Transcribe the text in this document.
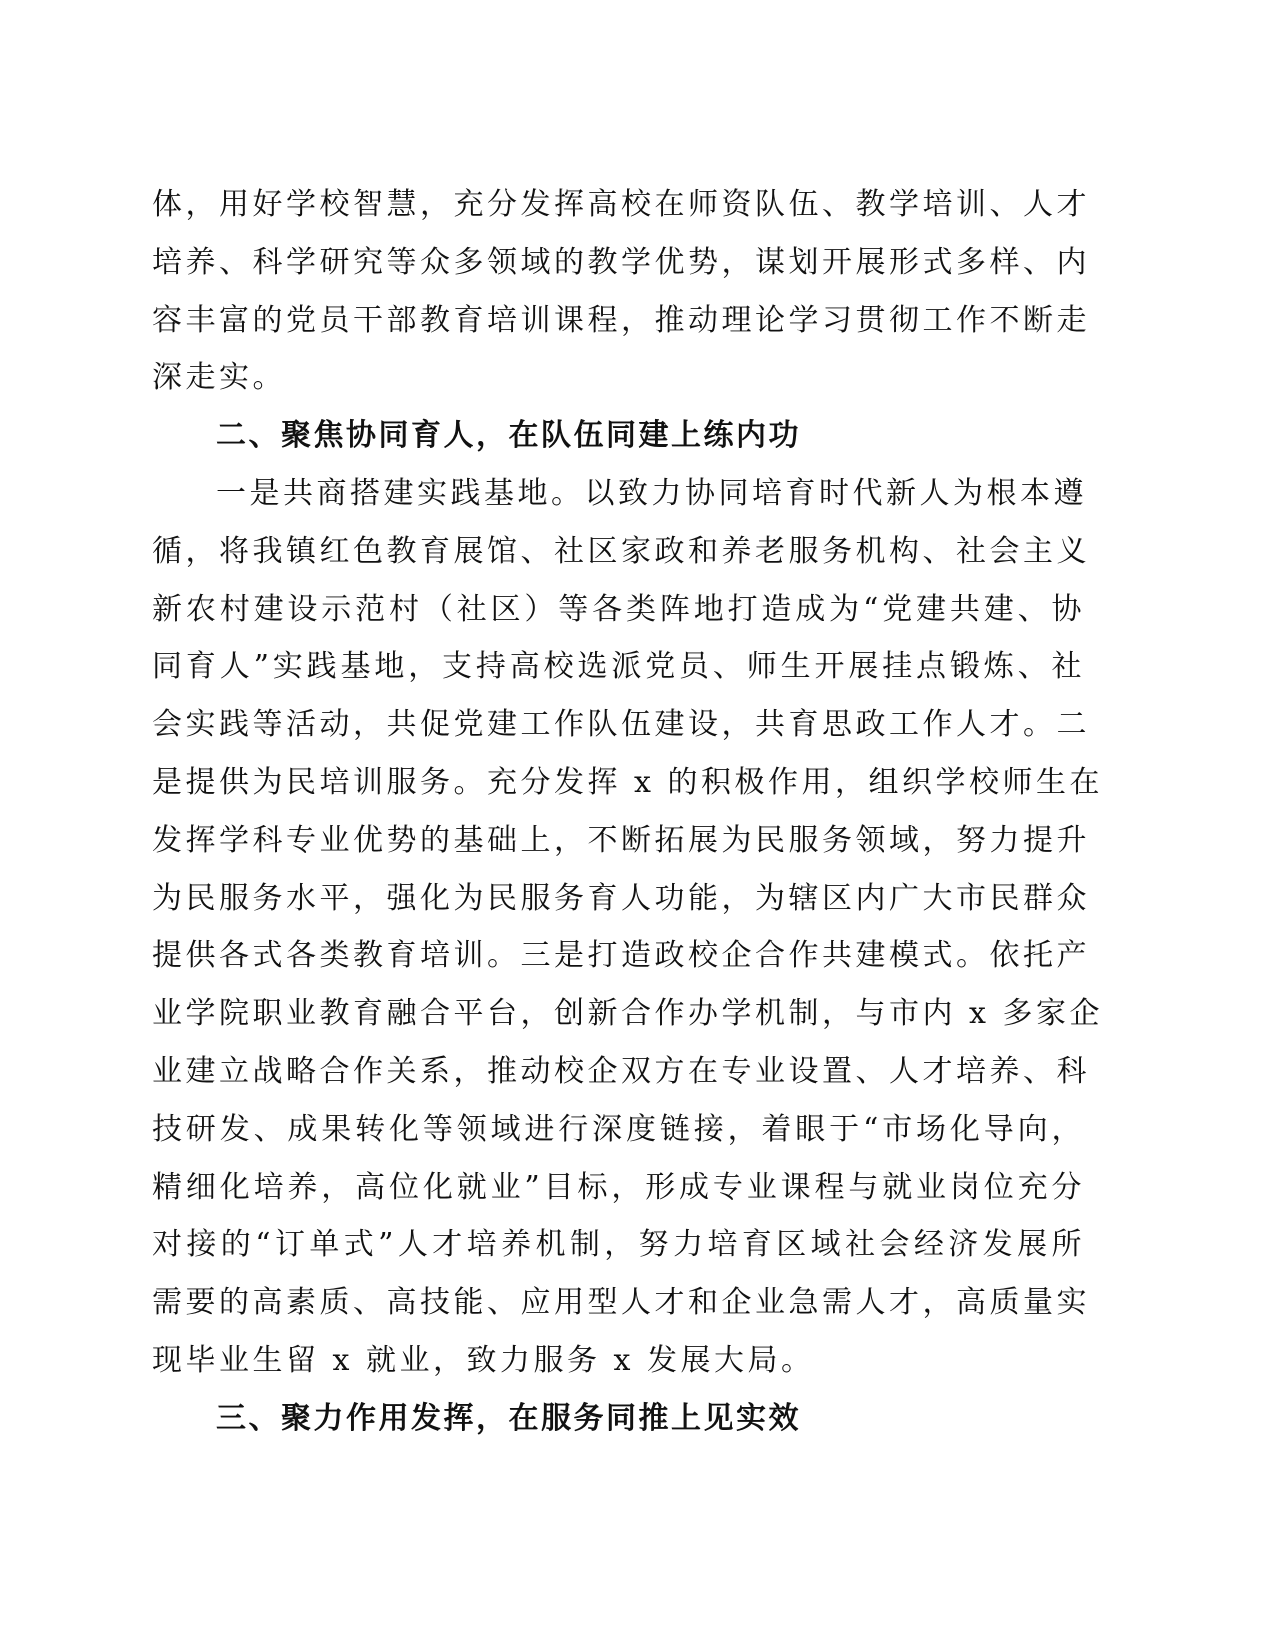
体，用好学校智慧，充分发挥高校在师资队伍、教学培训、人才
培养、科学研究等众多领域的教学优势，谋划开展形式多样、内
容丰富的党员干部教育培训课程，推动理论学习贯彻工作不断走
深走实。
二、聚焦协同育人，在队伍同建上练内功
一是共商搭建实践基地。以致力协同培育时代新人为根本遵
循，将我镇红色教育展馆、社区家政和养老服务机构、社会主义
新农村建设示范村（社区）等各类阵地打造成为“党建共建、协
同育人”实践基地，支持高校选派党员、师生开展挂点锻炼、社
会实践等活动，共促党建工作队伍建设，共育思政工作人才。二
是提供为民培训服务。充分发挥 x 的积极作用，组织学校师生在
发挥学科专业优势的基础上，不断拓展为民服务领域，努力提升
为民服务水平，强化为民服务育人功能，为辖区内广大市民群众
提供各式各类教育培训。三是打造政校企合作共建模式。依托产
业学院职业教育融合平台，创新合作办学机制，与市内 x 多家企
业建立战略合作关系，推动校企双方在专业设置、人才培养、科
技研发、成果转化等领域进行深度链接，着眼于“市场化导向，
精细化培养，高位化就业”目标，形成专业课程与就业岗位充分
对接的“订单式”人才培养机制，努力培育区域社会经济发展所
需要的高素质、高技能、应用型人才和企业急需人才，高质量实
现毕业生留 x 就业，致力服务 x 发展大局。
三、聚力作用发挥，在服务同推上见实效
